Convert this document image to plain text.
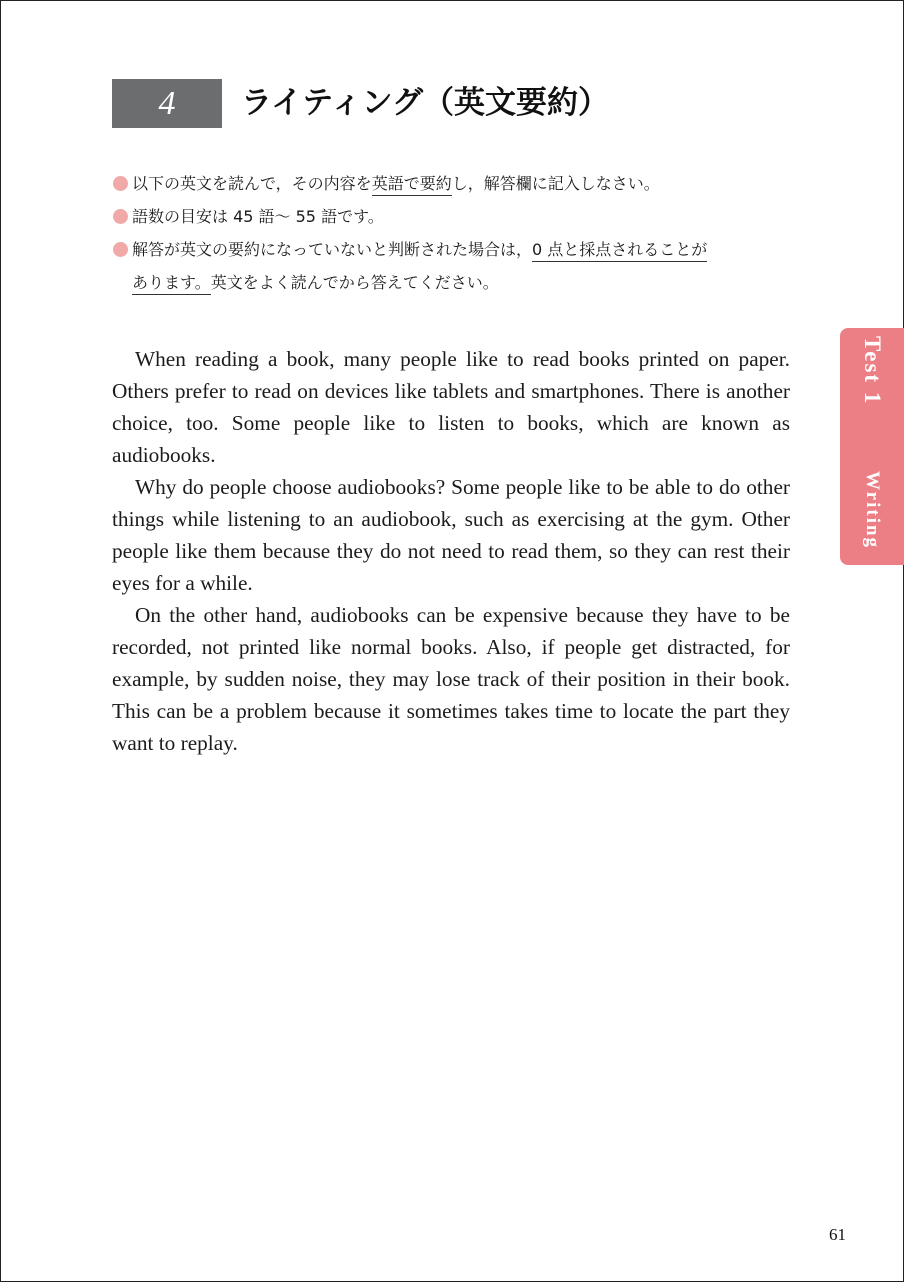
4	ライティング（英文要約）
以下の英文を読んで，その内容を英語で要約し，解答欄に記入しなさい。
語数の目安は 45 語～ 55 語です。
解答が英文の要約になっていないと判断された場合は，0 点と採点されることが
あります。英文をよく読んでから答えてください。

When reading a book, many people like to read books printed on paper. Others prefer to read on devices like tablets and smartphones. There is another choice, too. Some people like to listen to books, which are known as audiobooks.

Why do people choose audiobooks? Some people like to be able to do other things while listening to an audiobook, such as exercising at the gym. Other people like them because they do not need to read them, so they can rest their eyes for a while.

On the other hand, audiobooks can be expensive because they have to be recorded, not printed like normal books. Also, if people get distracted, for example, by sudden noise, they may lose track of their position in their book. This can be a problem because it sometimes takes time to locate the part they want to replay.

Test 1
Writing
61
